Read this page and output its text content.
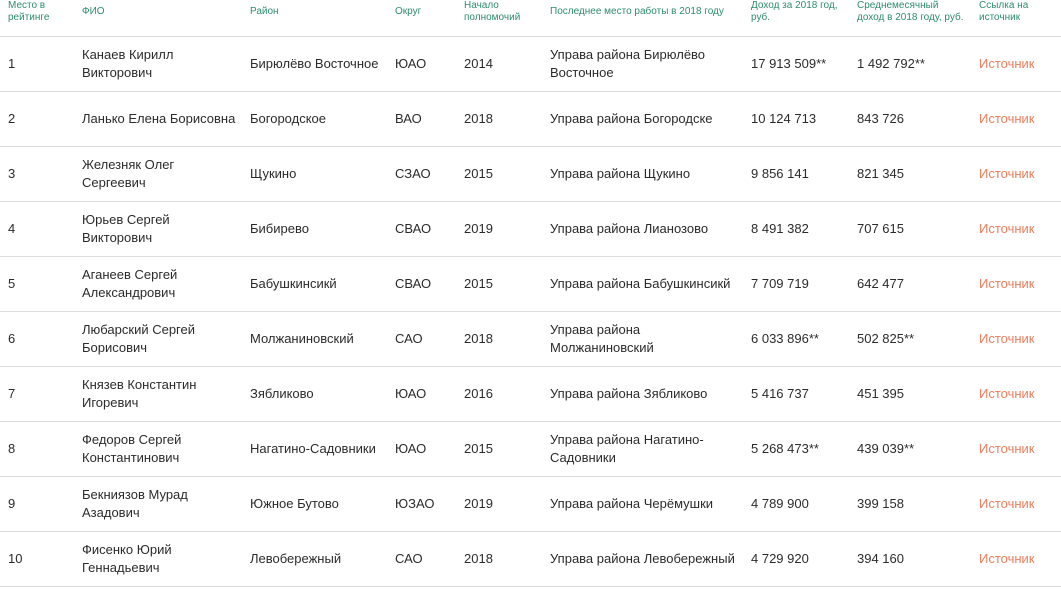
Место в рейтинге	ФИО	Район	Округ	Начало полномочий	Последнее место работы в 2018 году	Доход за 2018 год, руб.	Среднемесячный доход в 2018 году, руб.	Ссылка на источник
1	Канаев Кирилл Викторович	Бирюлёво Восточное	ЮАО	2014	Управа района Бирюлёво Восточное	17 913 509**	1 492 792**	Источник
2	Ланько Елена Борисовна	Богородское	ВАО	2018	Управа района Богородске	10 124 713	843 726	Источник
3	Железняк Олег Сергеевич	Щукино	СЗАО	2015	Управа района Щукино	9 856 141	821 345	Источник
4	Юрьев Сергей Викторович	Бибирево	СВАО	2019	Управа района Лианозово	8 491 382	707 615	Источник
5	Аганеев Сергей Александрович	Бабушкинсикй	СВАО	2015	Управа района Бабушкинсикй	7 709 719	642 477	Источник
6	Любарский Сергей Борисович	Молжаниновский	САО	2018	Управа района Молжаниновский	6 033 896**	502 825**	Источник
7	Князев Константин Игоревич	Зябликово	ЮАО	2016	Управа района Зябликово	5 416 737	451 395	Источник
8	Федоров Сергей Константинович	Нагатино-Садовники	ЮАО	2015	Управа района Нагатино-Садовники	5 268 473**	439 039**	Источник
9	Бекниязов Мурад Азадович	Южное Бутово	ЮЗАО	2019	Управа района Черёмушки	4 789 900	399 158	Источник
10	Фисенко Юрий Геннадьевич	Левобережный	САО	2018	Управа района Левобережный	4 729 920	394 160	Источник
